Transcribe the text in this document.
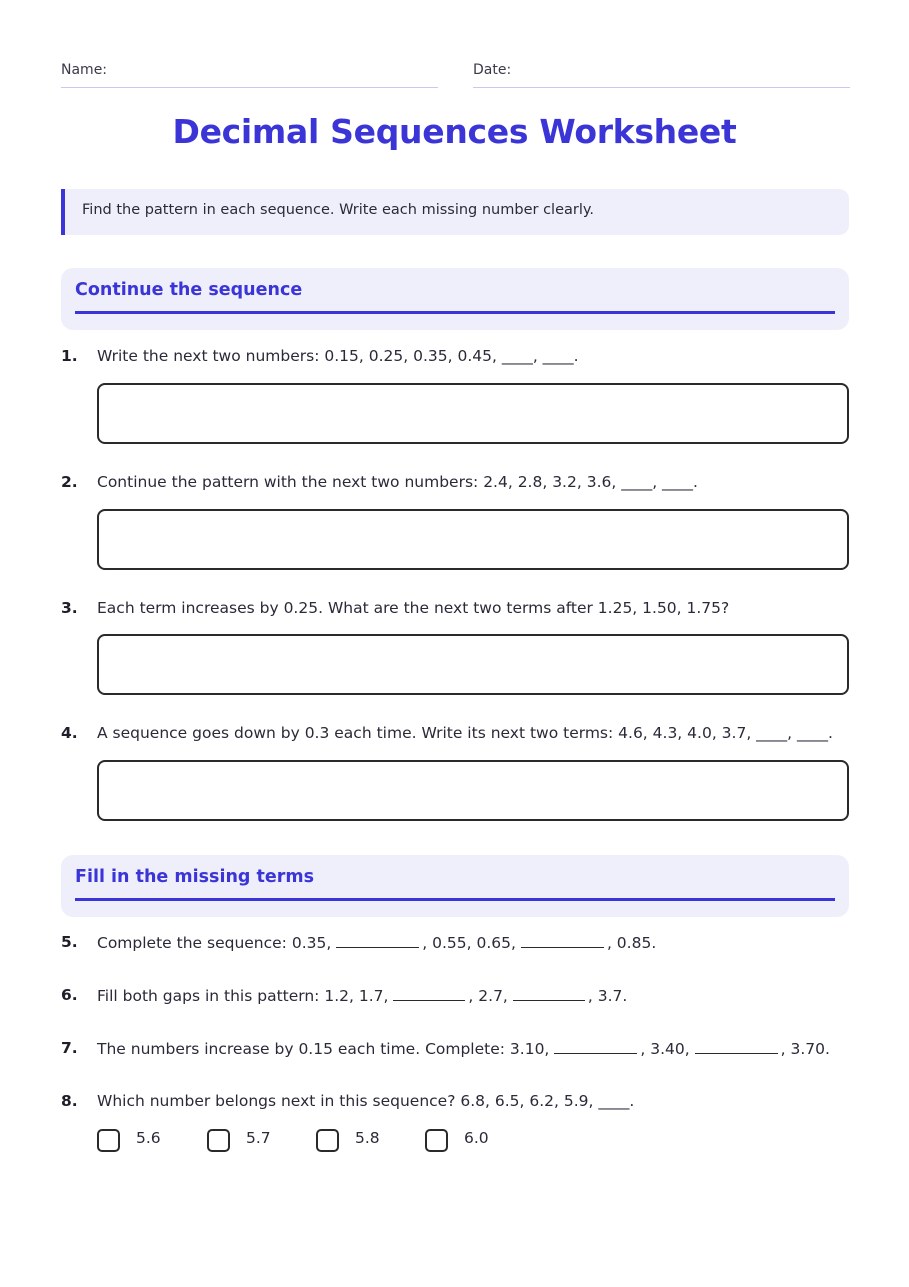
Name:	Date:
Decimal Sequences Worksheet
Find the pattern in each sequence. Write each missing number clearly.
Continue the sequence
1. Write the next two numbers: 0.15, 0.25, 0.35, 0.45, ____, ____.
2. Continue the pattern with the next two numbers: 2.4, 2.8, 3.2, 3.6, ____, ____.
3. Each term increases by 0.25. What are the next two terms after 1.25, 1.50, 1.75?
4. A sequence goes down by 0.3 each time. Write its next two terms: 4.6, 4.3, 4.0, 3.7, ____, ____.
Fill in the missing terms
5. Complete the sequence: 0.35,	, 0.55, 0.65,	, 0.85.
6. Fill both gaps in this pattern: 1.2, 1.7,	, 2.7,	, 3.7.
7. The numbers increase by 0.15 each time. Complete: 3.10,	, 3.40,	, 3.70.
8. Which number belongs next in this sequence? 6.8, 6.5, 6.2, 5.9, ____.
5.6	5.7	5.8	6.0
